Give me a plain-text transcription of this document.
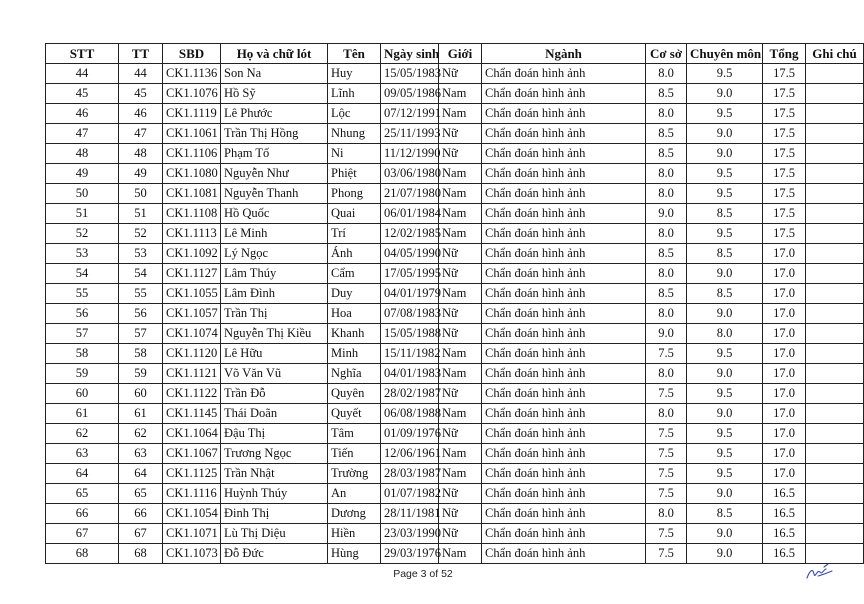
STT	TT	SBD	Họ và chữ lót	Tên	Ngày sinh	Giới	Ngành	Cơ sở	Chuyên môn	Tổng	Ghi chú
44	44	CK1.1136	Son Na	Huy	15/05/1983	Nữ	Chẩn đoán hình ảnh	8.0	9.5	17.5	
45	45	CK1.1076	Hồ Sỹ	Lĩnh	09/05/1986	Nam	Chẩn đoán hình ảnh	8.5	9.0	17.5	
46	46	CK1.1119	Lê Phước	Lộc	07/12/1991	Nam	Chẩn đoán hình ảnh	8.0	9.5	17.5	
47	47	CK1.1061	Trần Thị Hồng	Nhung	25/11/1993	Nữ	Chẩn đoán hình ảnh	8.5	9.0	17.5	
48	48	CK1.1106	Phạm Tố	Ni	11/12/1990	Nữ	Chẩn đoán hình ảnh	8.5	9.0	17.5	
49	49	CK1.1080	Nguyễn Như	Phiệt	03/06/1980	Nam	Chẩn đoán hình ảnh	8.0	9.5	17.5	
50	50	CK1.1081	Nguyễn Thanh	Phong	21/07/1980	Nam	Chẩn đoán hình ảnh	8.0	9.5	17.5	
51	51	CK1.1108	Hồ Quốc	Quai	06/01/1984	Nam	Chẩn đoán hình ảnh	9.0	8.5	17.5	
52	52	CK1.1113	Lê Minh	Trí	12/02/1985	Nam	Chẩn đoán hình ảnh	8.0	9.5	17.5	
53	53	CK1.1092	Lý Ngọc	Ánh	04/05/1990	Nữ	Chẩn đoán hình ảnh	8.5	8.5	17.0	
54	54	CK1.1127	Lâm Thúy	Cẩm	17/05/1995	Nữ	Chẩn đoán hình ảnh	8.0	9.0	17.0	
55	55	CK1.1055	Lâm Đình	Duy	04/01/1979	Nam	Chẩn đoán hình ảnh	8.5	8.5	17.0	
56	56	CK1.1057	Trần Thị	Hoa	07/08/1983	Nữ	Chẩn đoán hình ảnh	8.0	9.0	17.0	
57	57	CK1.1074	Nguyễn Thị Kiều	Khanh	15/05/1988	Nữ	Chẩn đoán hình ảnh	9.0	8.0	17.0	
58	58	CK1.1120	Lê Hữu	Minh	15/11/1982	Nam	Chẩn đoán hình ảnh	7.5	9.5	17.0	
59	59	CK1.1121	Võ Văn Vũ	Nghĩa	04/01/1983	Nam	Chẩn đoán hình ảnh	8.0	9.0	17.0	
60	60	CK1.1122	Trần Đỗ	Quyên	28/02/1987	Nữ	Chẩn đoán hình ảnh	7.5	9.5	17.0	
61	61	CK1.1145	Thái Doãn	Quyết	06/08/1988	Nam	Chẩn đoán hình ảnh	8.0	9.0	17.0	
62	62	CK1.1064	Đậu Thị	Tâm	01/09/1976	Nữ	Chẩn đoán hình ảnh	7.5	9.5	17.0	
63	63	CK1.1067	Trương Ngọc	Tiến	12/06/1961	Nam	Chẩn đoán hình ảnh	7.5	9.5	17.0	
64	64	CK1.1125	Trần Nhật	Trường	28/03/1987	Nam	Chẩn đoán hình ảnh	7.5	9.5	17.0	
65	65	CK1.1116	Huỳnh Thúy	An	01/07/1982	Nữ	Chẩn đoán hình ảnh	7.5	9.0	16.5	
66	66	CK1.1054	Đinh Thị	Dương	28/11/1981	Nữ	Chẩn đoán hình ảnh	8.0	8.5	16.5	
67	67	CK1.1071	Lù Thị Diệu	Hiền	23/03/1990	Nữ	Chẩn đoán hình ảnh	7.5	9.0	16.5	
68	68	CK1.1073	Đỗ Đức	Hùng	29/03/1976	Nam	Chẩn đoán hình ảnh	7.5	9.0	16.5	
Page 3 of 52
